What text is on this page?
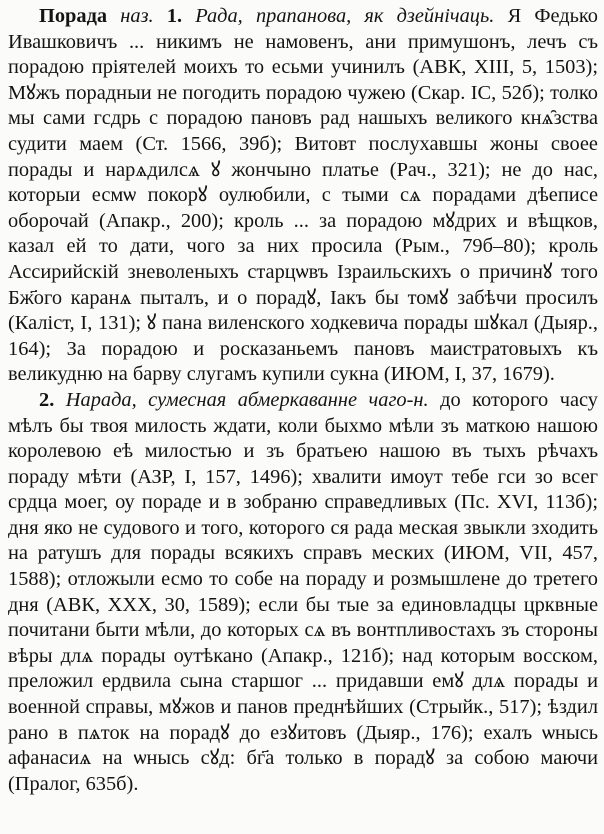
Порада наз. 1. Рада, прапанова, як дзейнічаць. Я Федько Ивашковичъ ... никимъ не намовенъ, ани примушонъ, лечъ съ порадою прiятелей моихъ то есьми учинилъ (АВК, XIII, 5, 1503); Мꙋжъ порадныи не погодить порадою чужею (Скар. IC, 52б); толко мы сами гсдрь с порадою пановъ рад нашыхъ великого кнѧ̑зства судити маем (Ст. 1566, 39б); Витовт послухавшы жоны своее порады и нарѧдилсѧ ꙋ жончыно платье (Рач., 321); не до нас, которыи есмѡ покорꙋ оулюбили, с тыми сѧ порадами дѣеписе оборочай (Апакр., 200); кроль ... за порадою мꙋдрих и вѣщков, казал ей то дати, чого за них просила (Рым., 79б–80); кроль Ассирийскiй зневоленыхъ старцѡвъ Iзраильскихъ о причинꙋ того Бж҃ого каранѧ пыталъ, и о порадꙋ, Iакъ бы томꙋ забѣчи просилъ (Калiст, I, 131); ꙋ пана виленского ходкевича порады шꙋкал (Дыяр., 164); За порадою и росказаньемъ пановъ маистратовыхъ къ великудню на барву слугамъ купили сукна (ИЮМ, I, 37, 1679).

2. Нарада, сумесная абмеркаванне чаго-н. до которого часу мѣлъ бы твоя милость ждати, коли быхмо мѣли зъ маткою нашою королевою еѣ милостью и зъ братьею нашою въ тыхъ рѣчахъ пораду мѣти (АЗР, I, 157, 1496); хвалити имоут тебе гси зо всег срдца моег, оу пораде и в зобраню справедливых (Пс. XVI, 113б); дня яко не судового и того, которого ся рада меская звыкли зходить на ратушъ для порады всякихъ справъ меских (ИЮМ, VII, 457, 1588); отложыли есмо то собе на пораду и розмышлене до третего дня (АВК, XXX, 30, 1589); если бы тые за единовладцы црквныe почитани быти мѣли, до которых сѧ въ вонтпливостахъ зъ стороны вѣры длѧ порады оутѣкано (Апакр., 121б); над которым восском, преложил ердвила сына старшог ... придавши емꙋ длѧ порады и военной справы, мꙋжов и панов преднѣйших (Стрыйк., 517); ѣздил рано в пѧток на порадꙋ до езꙋитовъ (Дыяр., 176); ехалъ ѡнысь афанасиѧ на ѡнысь сꙋд: бг҃а только в порадꙋ за собою маючи (Пралог, 635б).
